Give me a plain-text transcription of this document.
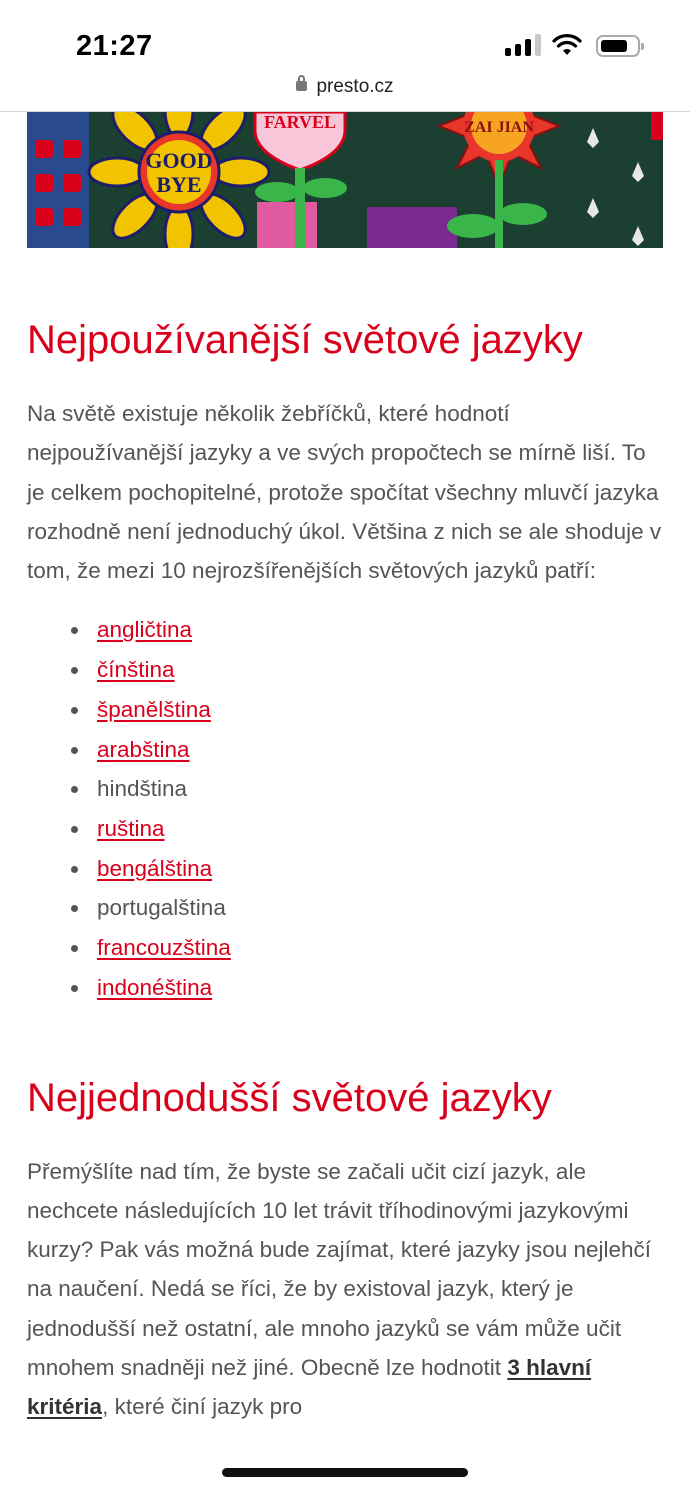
21:27
presto.cz
GOOD
BYE
FARVEL	ZAI JIAN
Nejpoužívanější světové jazyky

Na světě existuje několik žebříčků, které hodnotí nejpoužívanější jazyky a ve svých propočtech se mírně liší. To je celkem pochopitelné, protože spočítat všechny mluvčí jazyka rozhodně není jednoduchý úkol. Většina z nich se ale shoduje v tom, že mezi 10 nejrozšířenějších světových jazyků patří:

angličtina
čínština
španělština
arabština
hindština
ruština
bengálština
portugalština
francouzština
indonéština
Nejjednodušší světové jazyky

Přemýšlíte nad tím, že byste se začali učit cizí jazyk, ale nechcete následujících 10 let trávit tříhodinovými jazykovými kurzy? Pak vás možná bude zajímat, které jazyky jsou nejlehčí na naučení. Nedá se říci, že by existoval jazyk, který je jednodušší než ostatní, ale mnoho jazyků se vám může učit mnohem snadněji než jiné. Obecně lze hodnotit 3 hlavní kritéria, které činí jazyk pro
